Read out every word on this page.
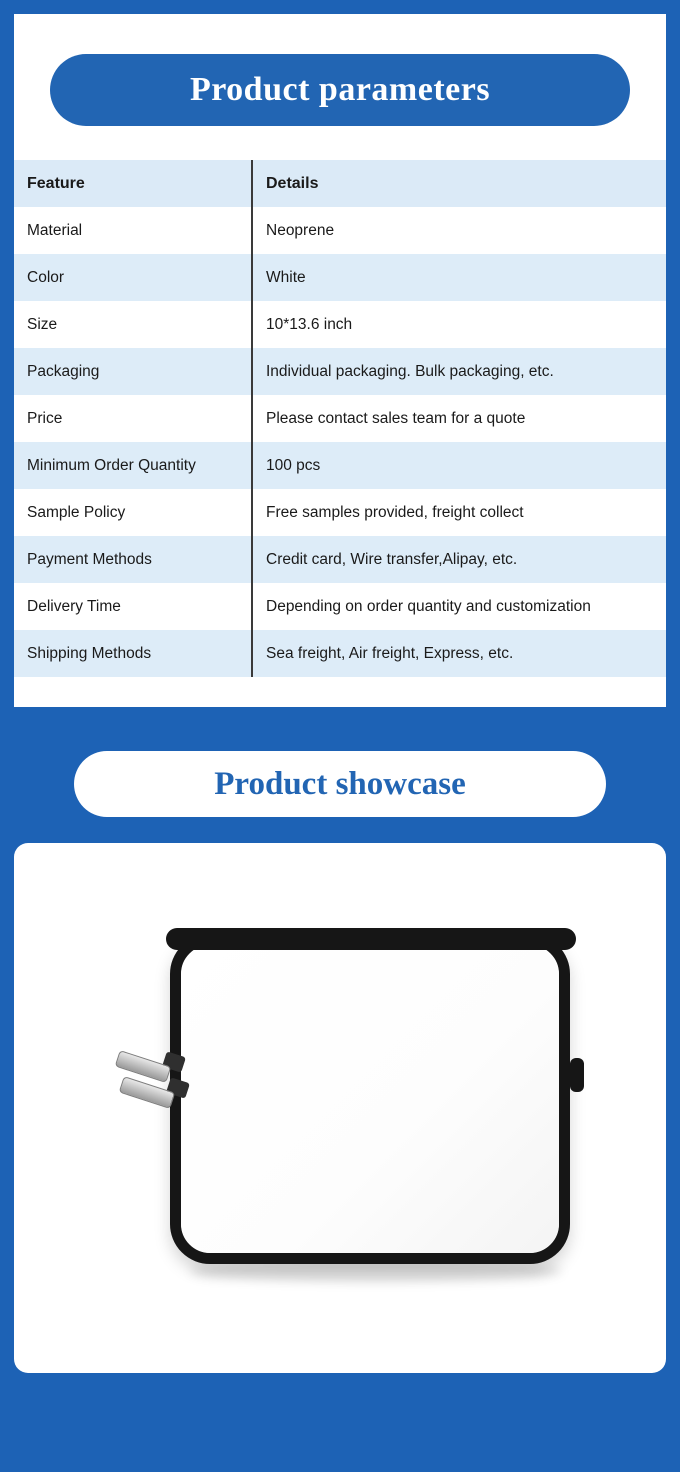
Product parameters
Feature	Details
Material	Neoprene
Color	White
Size	10*13.6 inch
Packaging	Individual packaging. Bulk packaging, etc.
Price	Please contact sales team for a quote
Minimum Order Quantity	100 pcs
Sample Policy	Free samples provided, freight collect
Payment Methods	Credit card, Wire transfer,Alipay, etc.
Delivery Time	Depending on order quantity and customization
Shipping Methods	Sea freight, Air freight, Express, etc.
Product showcase
